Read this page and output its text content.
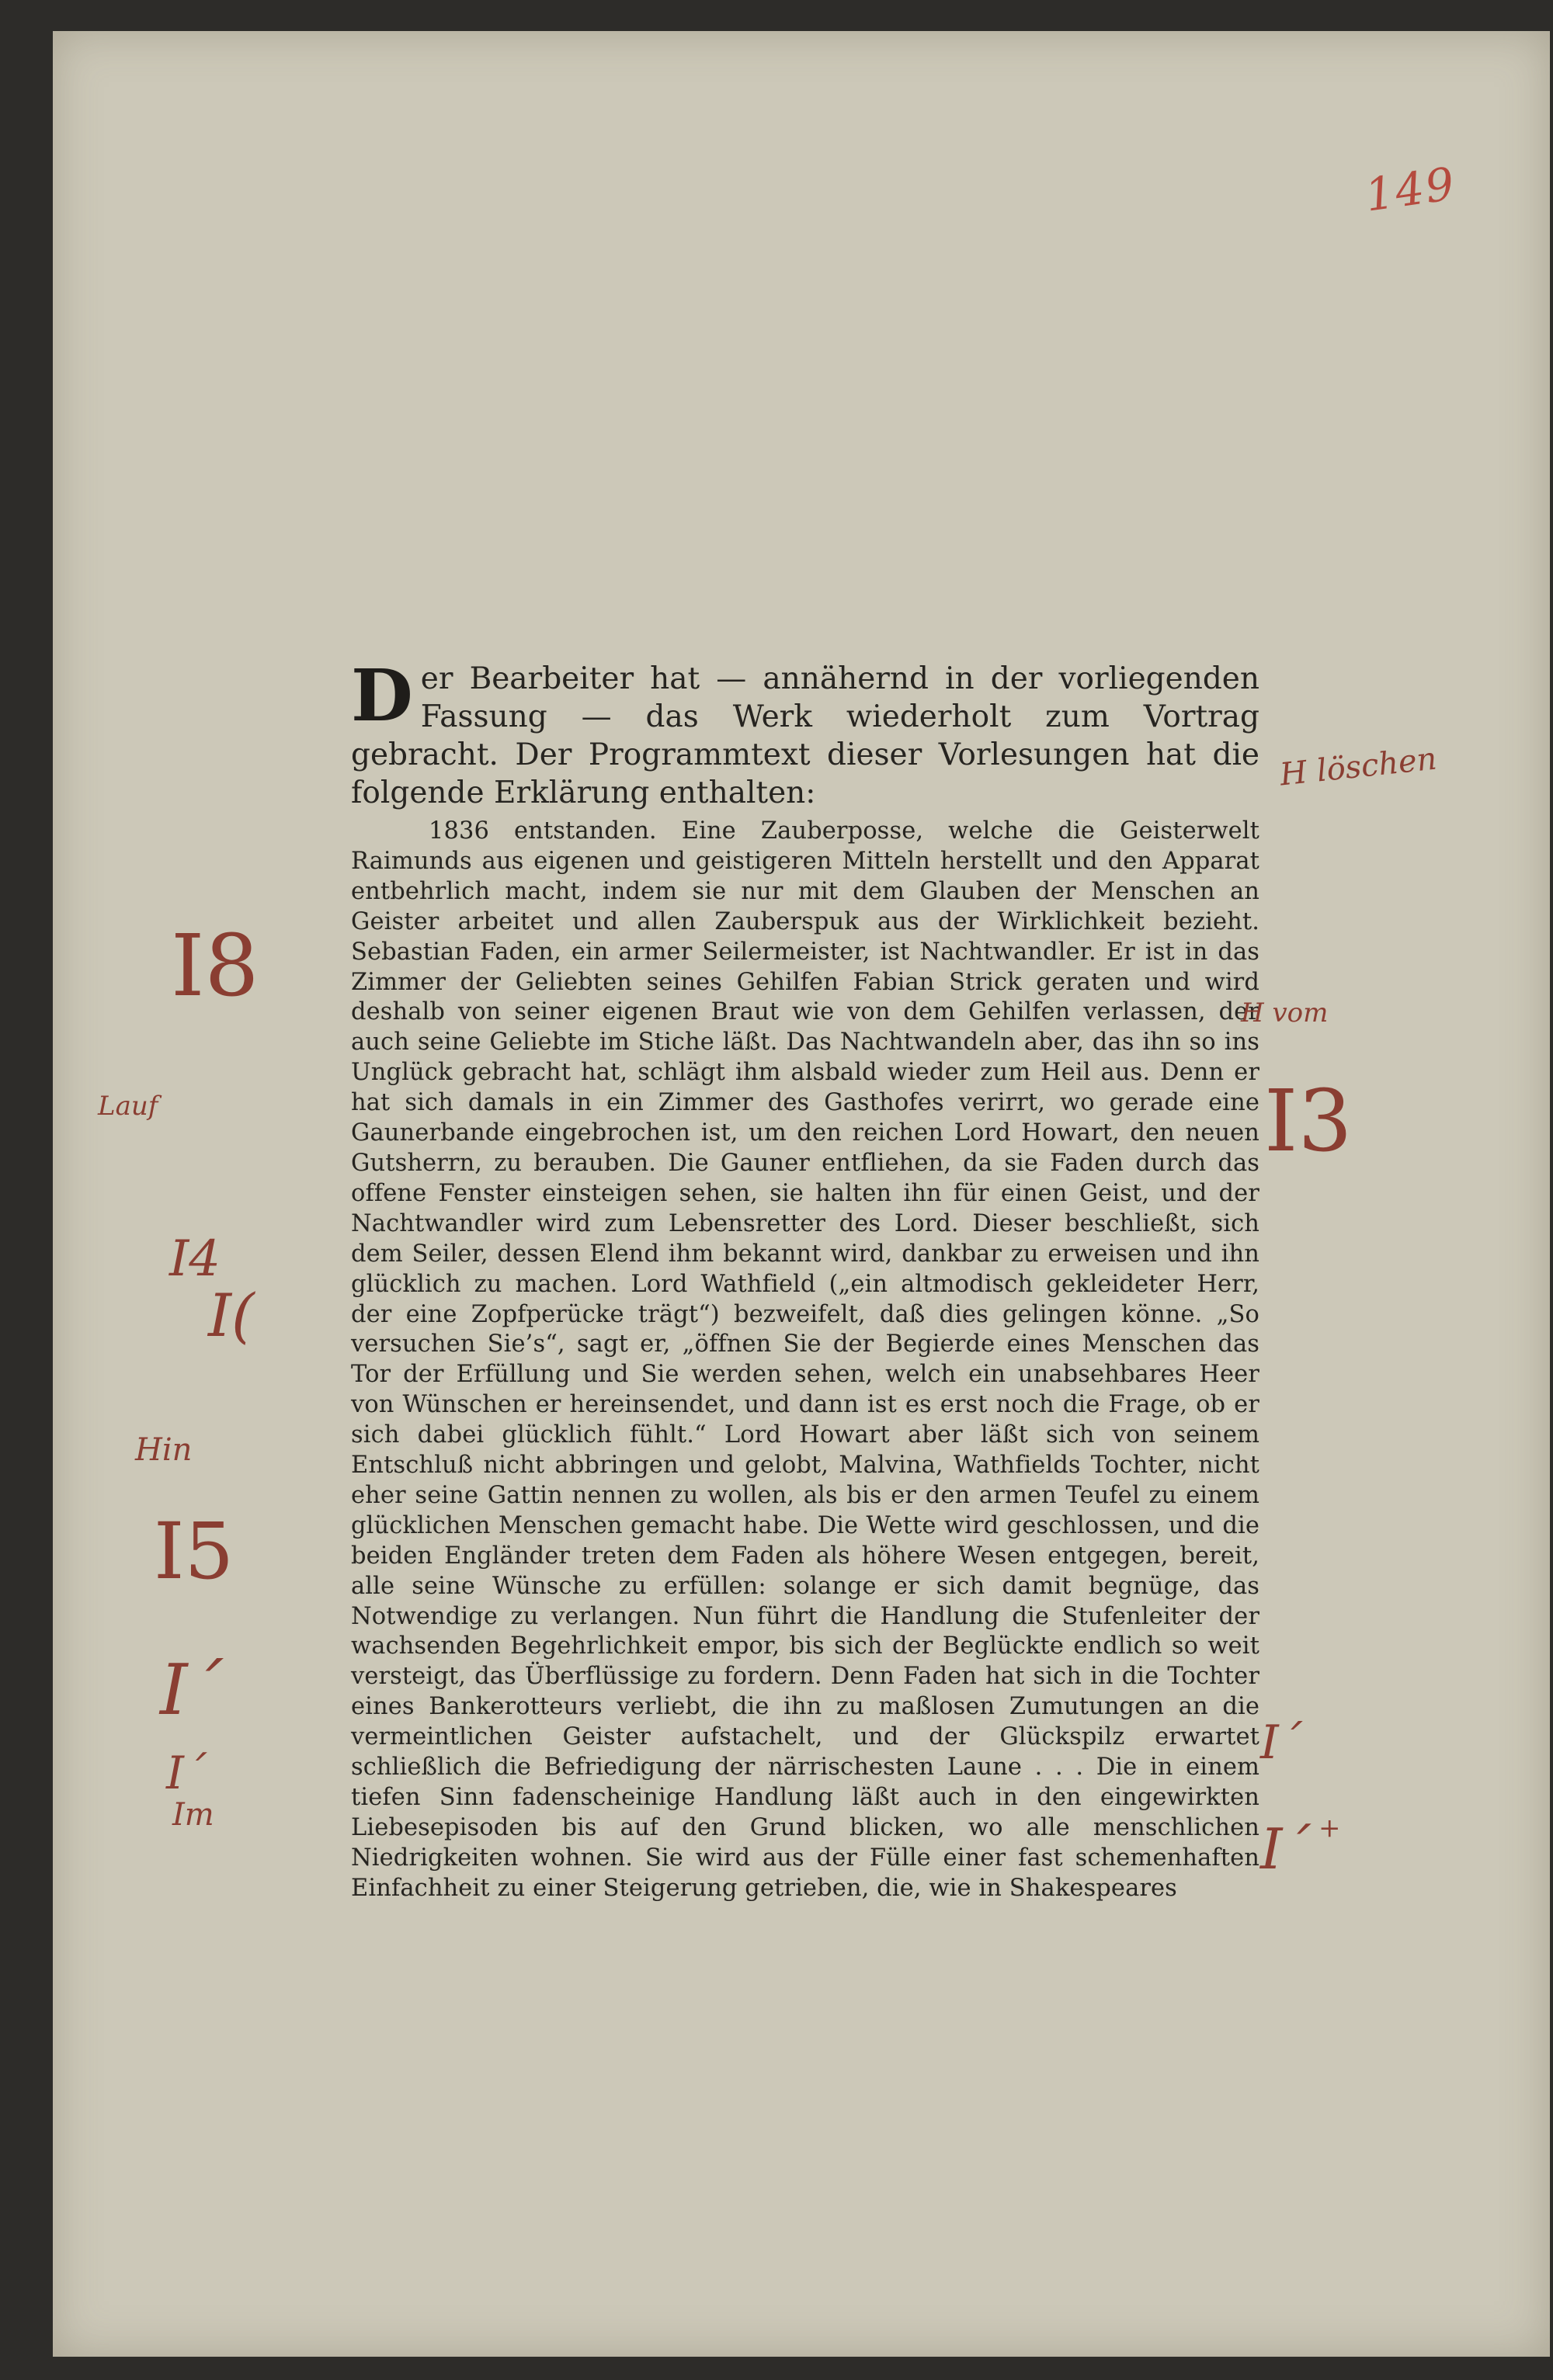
149

Der Bearbeiter hat — annähernd in der vorliegenden Fassung — das Werk wiederholt zum Vortrag gebracht. Der Programmtext dieser Vorlesungen hat die folgende Erklärung enthalten:

1836 entstanden. Eine Zauberposse, welche die Geisterwelt Raimunds aus eigenen und geistigeren Mitteln herstellt und den Apparat entbehrlich macht, indem sie nur mit dem Glauben der Menschen an Geister arbeitet und allen Zauberspuk aus der Wirklichkeit bezieht. Sebastian Faden, ein armer Seilermeister, ist Nachtwandler. Er ist in das Zimmer der Geliebten seines Gehilfen Fabian Strick geraten und wird deshalb von seiner eigenen Braut wie von dem Gehilfen verlassen, der auch seine Geliebte im Stiche läßt. Das Nachtwandeln aber, das ihn so ins Unglück gebracht hat, schlägt ihm alsbald wieder zum Heil aus. Denn er hat sich damals in ein Zimmer des Gasthofes verirrt, wo gerade eine Gaunerbande eingebrochen ist, um den reichen Lord Howart, den neuen Gutsherrn, zu berauben. Die Gauner entfliehen, da sie Faden durch das offene Fenster einsteigen sehen, sie halten ihn für einen Geist, und der Nachtwandler wird zum Lebensretter des Lord. Dieser beschließt, sich dem Seiler, dessen Elend ihm bekannt wird, dankbar zu erweisen und ihn glücklich zu machen. Lord Wathfield („ein altmodisch gekleideter Herr, der eine Zopfperücke trägt“) bezweifelt, daß dies gelingen könne. „So versuchen Sie’s“, sagt er, „öffnen Sie der Begierde eines Menschen das Tor der Erfüllung und Sie werden sehen, welch ein unabsehbares Heer von Wünschen er hereinsendet, und dann ist es erst noch die Frage, ob er sich dabei glücklich fühlt.“ Lord Howart aber läßt sich von seinem Entschluß nicht abbringen und gelobt, Malvina, Wathfields Tochter, nicht eher seine Gattin nennen zu wollen, als bis er den armen Teufel zu einem glücklichen Menschen gemacht habe. Die Wette wird geschlossen, und die beiden Engländer treten dem Faden als höhere Wesen entgegen, bereit, alle seine Wünsche zu erfüllen: solange er sich damit begnüge, das Notwendige zu verlangen. Nun führt die Handlung die Stufenleiter der wachsenden Begehrlichkeit empor, bis sich der Beglückte endlich so weit versteigt, das Überflüssige zu fordern. Denn Faden hat sich in die Tochter eines Bankerotteurs verliebt, die ihn zu maßlosen Zumutungen an die vermeintlichen Geister aufstachelt, und der Glückspilz erwartet schließlich die Befriedigung der närrischesten Laune . . . Die in einem tiefen Sinn fadenscheinige Handlung läßt auch in den eingewirkten Liebesepisoden bis auf den Grund blicken, wo alle menschlichen Niedrigkeiten wohnen. Sie wird aus der Fülle einer fast schemenhaften Einfachheit zu einer Steigerung getrieben, die, wie in Shakespeares

H löschen
H vom
I3
I´
I´ +
I8
Lauf
I4
I(
Hin
I5
I´
I´
Im
